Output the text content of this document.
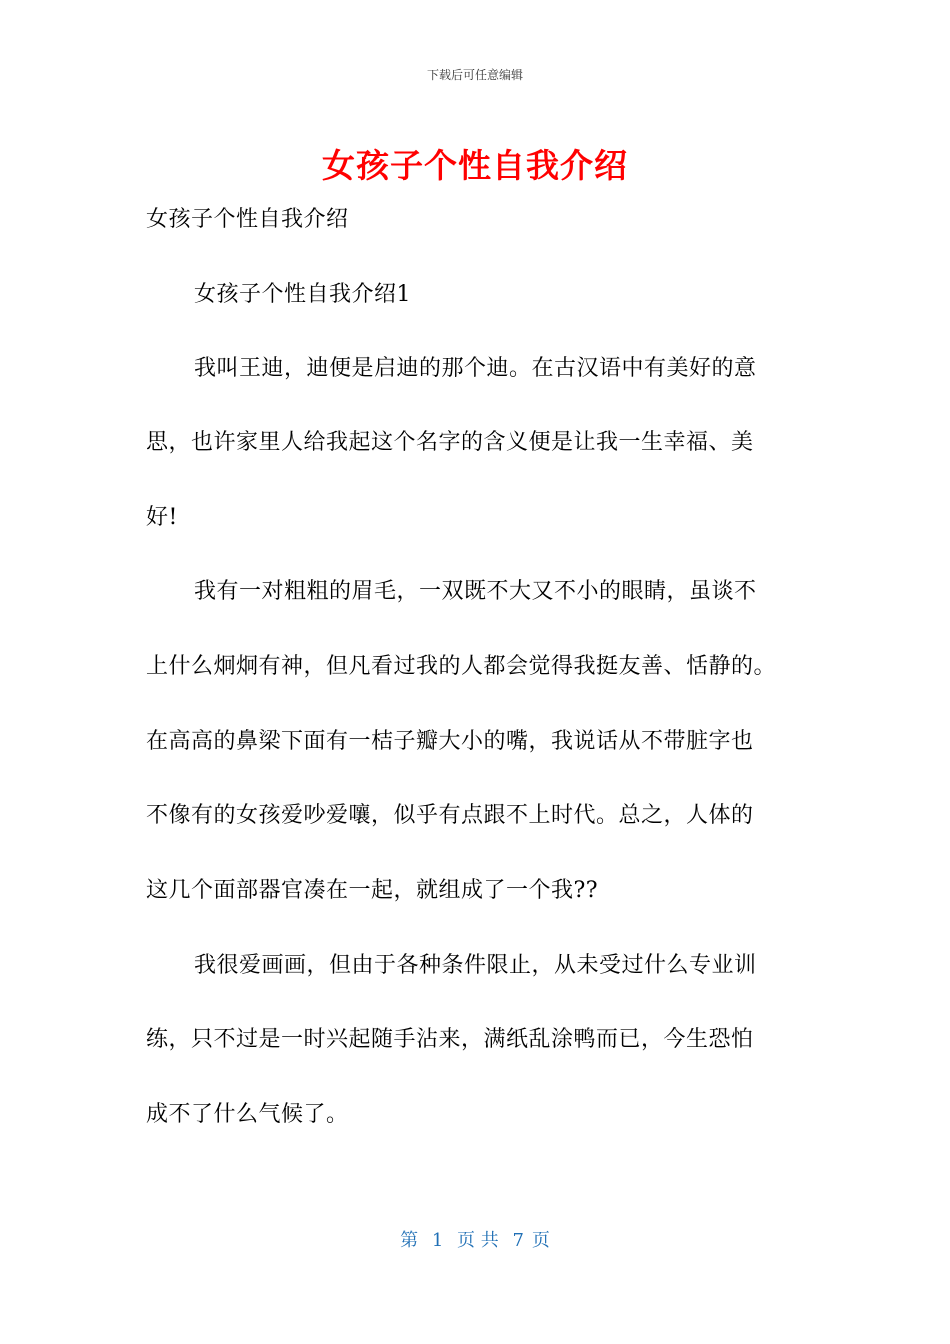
下载后可任意编辑
女孩子个性自我介绍
女孩子个性自我介绍
女孩子个性自我介绍1
我叫王迪，迪便是启迪的那个迪。在古汉语中有美好的意
思，也许家里人给我起这个名字的含义便是让我一生幸福、美
好!
我有一对粗粗的眉毛，一双既不大又不小的眼睛，虽谈不
上什么炯炯有神，但凡看过我的人都会觉得我挺友善、恬静的。
在高高的鼻梁下面有一桔子瓣大小的嘴，我说话从不带脏字也
不像有的女孩爱吵爱嚷，似乎有点跟不上时代。总之，人体的
这几个面部器官凑在一起，就组成了一个我??
我很爱画画，但由于各种条件限止，从未受过什么专业训
练，只不过是一时兴起随手沾来，满纸乱涂鸭而已，今生恐怕
成不了什么气候了。
第 1 页 共 7 页
